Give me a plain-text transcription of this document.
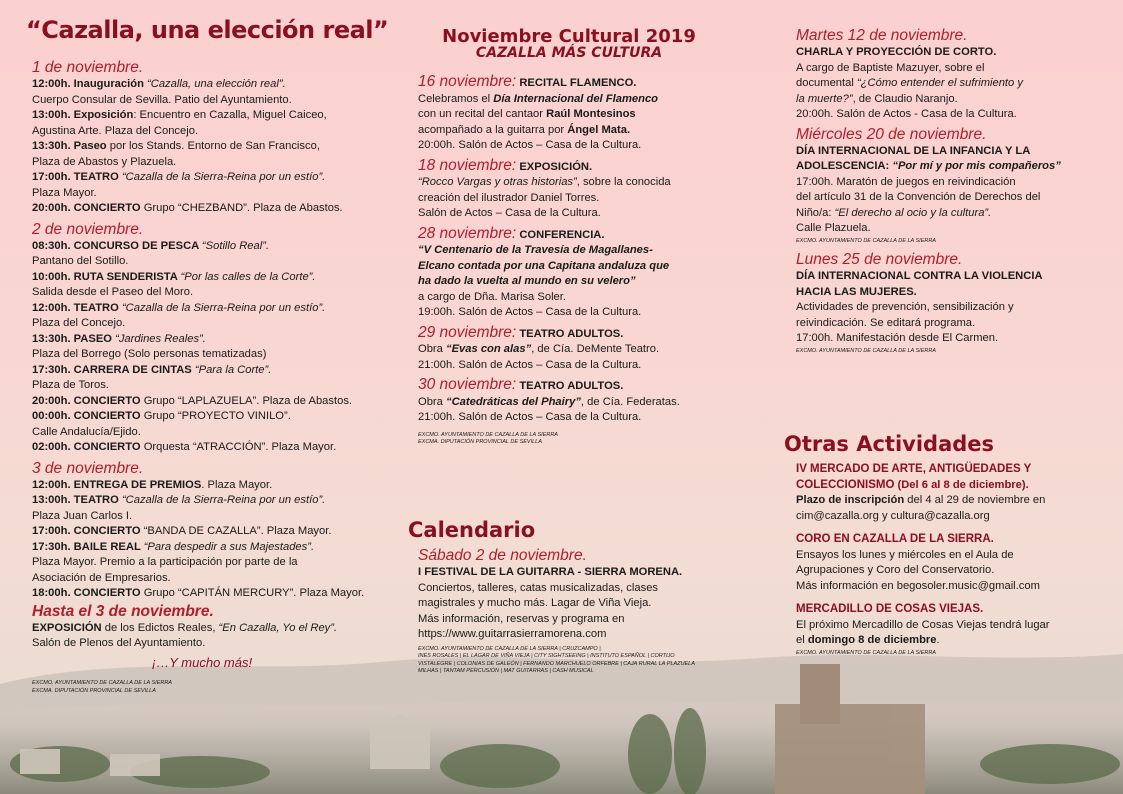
“Cazalla, una elección real”
1 de noviembre.
12:00h. Inauguración “Cazalla, una elección real”.
Cuerpo Consular de Sevilla. Patio del Ayuntamiento.
13:00h. Exposición: Encuentro en Cazalla, Miguel Caiceo,
Agustina Arte. Plaza del Concejo.
13:30h. Paseo por los Stands. Entorno de San Francisco,
Plaza de Abastos y Plazuela.
17:00h. TEATRO “Cazalla de la Sierra-Reina por un estío”.
Plaza Mayor.
20:00h. CONCIERTO Grupo “CHEZBAND”. Plaza de Abastos.
2 de noviembre.
08:30h. CONCURSO DE PESCA “Sotillo Real”.
Pantano del Sotillo.
10:00h. RUTA SENDERISTA “Por las calles de la Corte”.
Salida desde el Paseo del Moro.
12:00h. TEATRO “Cazalla de la Sierra-Reina por un estío”.
Plaza del Concejo.
13:30h. PASEO “Jardines Reales”.
Plaza del Borrego (Solo personas tematizadas)
17:30h. CARRERA DE CINTAS “Para la Corte”.
Plaza de Toros.
20:00h. CONCIERTO Grupo “LAPLAZUELA”. Plaza de Abastos.
00:00h. CONCIERTO Grupo “PROYECTO VINILO”.
Calle Andalucía/Ejido.
02:00h. CONCIERTO Orquesta “ATRACCIÓN”. Plaza Mayor.
3 de noviembre.
12:00h. ENTREGA DE PREMIOS. Plaza Mayor.
13:00h. TEATRO “Cazalla de la Sierra-Reina por un estío”.
Plaza Juan Carlos I.
17:00h. CONCIERTO “BANDA DE CAZALLA”. Plaza Mayor.
17:30h. BAILE REAL “Para despedir a sus Majestades”.
Plaza Mayor. Premio a la participación por parte de la
Asociación de Empresarios.
18:00h. CONCIERTO Grupo “CAPITÁN MERCURY”. Plaza Mayor.
Hasta el 3 de noviembre.
EXPOSICIÓN de los Edictos Reales, “En Cazalla, Yo el Rey”.
Salón de Plenos del Ayuntamiento.
¡…Y mucho más!
EXCMO. AYUNTAMIENTO DE CAZALLA DE LA SIERRA
EXCMA. DIPUTACIÓN PROVINCIAL DE SEVILLA
Noviembre Cultural 2019
CAZALLA MÁS CULTURA
16 noviembre: RECITAL FLAMENCO.
Celebramos el Día Internacional del Flamenco
con un recital del cantaor Raúl Montesinos
acompañado a la guitarra por Ángel Mata.
20:00h. Salón de Actos – Casa de la Cultura.
18 noviembre: EXPOSICIÓN.
“Rocco Vargas y otras historias”, sobre la conocida
creación del ilustrador Daniel Torres.
Salón de Actos – Casa de la Cultura.
28 noviembre: CONFERENCIA.
“V Centenario de la Travesía de Magallanes-
Elcano contada por una Capitana andaluza que
ha dado la vuelta al mundo en su velero”
a cargo de Dña. Marisa Soler.
19:00h. Salón de Actos – Casa de la Cultura.
29 noviembre: TEATRO ADULTOS.
Obra “Evas con alas”, de Cía. DeMente Teatro.
21:00h. Salón de Actos – Casa de la Cultura.
30 noviembre: TEATRO ADULTOS.
Obra “Catedráticas del Phairy”, de Cía. Federatas.
21:00h. Salón de Actos – Casa de la Cultura.
EXCMO. AYUNTAMIENTO DE CAZALLA DE LA SIERRA
EXCMA. DIPUTACIÓN PROVINCIAL DE SEVILLA
Calendario
Sábado 2 de noviembre.
I FESTIVAL DE LA GUITARRA - SIERRA MORENA.
Conciertos, talleres, catas musicalizadas, clases
magistrales y mucho más. Lagar de Viña Vieja.
Más información, reservas y programa en
https://www.guitarrasierramorena.com
EXCMO. AYUNTAMIENTO DE CAZALLA DE LA SIERRA | CRUZCAMPO |
INÉS ROSALES | EL LAGAR DE VIÑA VIEJA | CITY SIGHTSEEING | INSTITUTO ESPAÑOL | CORTIJO
VISTALEGRE | COLONIAS DE GALEÓN | FERNANDO MARCHUELO ORFEBRE | CAJA RURAL LA PLAZUELA
MILHAS | TANTAM PERCUSIÓN | MAT GUITARRAS | CASH MUSICAL
Martes 12 de noviembre.
CHARLA Y PROYECCIÓN DE CORTO.
A cargo de Baptiste Mazuyer, sobre el
documental “¿Cómo entender el sufrimiento y
la muerte?”, de Claudio Naranjo.
20:00h. Salón de Actos - Casa de la Cultura.
Miércoles 20 de noviembre.
DÍA INTERNACIONAL DE LA INFANCIA Y LA
ADOLESCENCIA: “Por mí y por mis compañeros”
17:00h. Maratón de juegos en reivindicación
del artículo 31 de la Convención de Derechos del
Niño/a: “El derecho al ocio y la cultura”.
Calle Plazuela.
EXCMO. AYUNTAMIENTO DE CAZALLA DE LA SIERRA
Lunes 25 de noviembre.
DÍA INTERNACIONAL CONTRA LA VIOLENCIA
HACIA LAS MUJERES.
Actividades de prevención, sensibilización y
reivindicación. Se editará programa.
17:00h. Manifestación desde El Carmen.
EXCMO. AYUNTAMIENTO DE CAZALLA DE LA SIERRA
Otras Actividades
IV MERCADO DE ARTE, ANTIGÜEDADES Y
COLECCIONISMO (Del 6 al 8 de diciembre).
Plazo de inscripción del 4 al 29 de noviembre en
cim@cazalla.org y cultura@cazalla.org
CORO EN CAZALLA DE LA SIERRA.
Ensayos los lunes y miércoles en el Aula de
Agrupaciones y Coro del Conservatorio.
Más información en begosoler.music@gmail.com
MERCADILLO DE COSAS VIEJAS.
El próximo Mercadillo de Cosas Viejas tendrá lugar
el domingo 8 de diciembre.
EXCMO. AYUNTAMIENTO DE CAZALLA DE LA SIERRA
